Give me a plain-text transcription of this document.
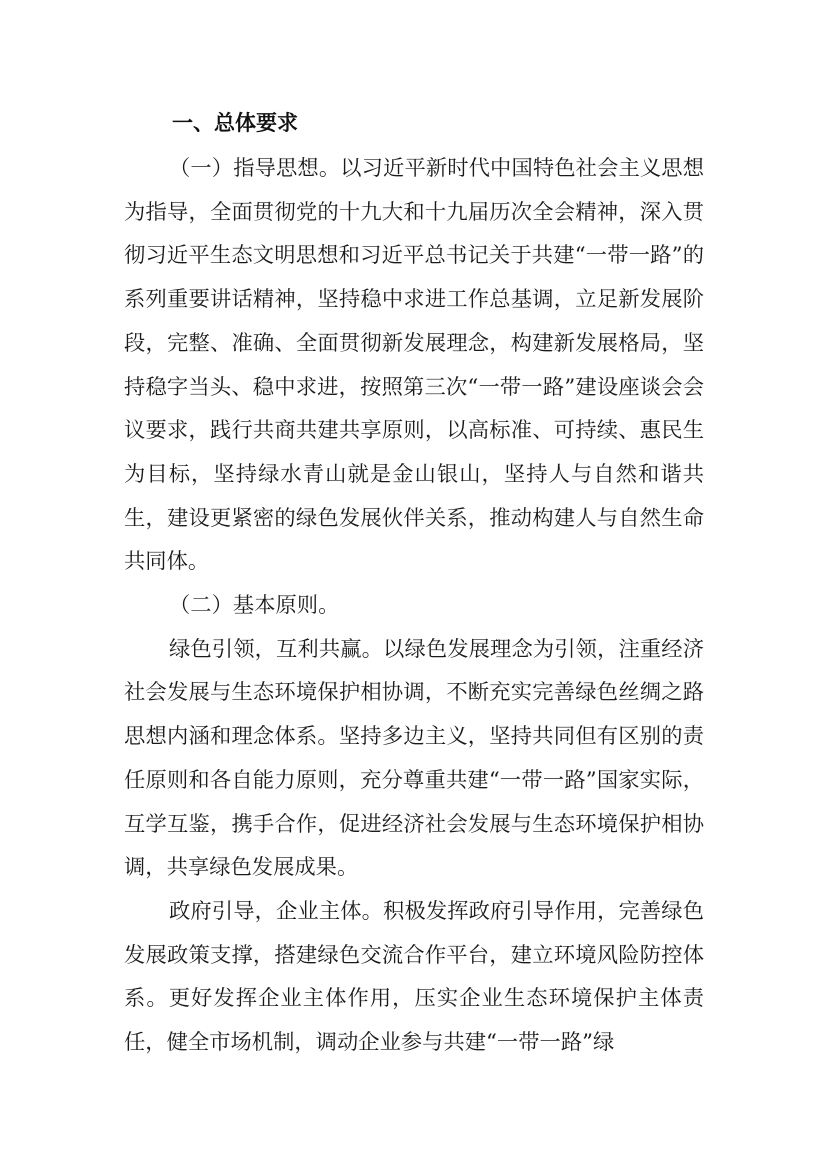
一、总体要求

（一）指导思想。以习近平新时代中国特色社会主义思想为指导，全面贯彻党的十九大和十九届历次全会精神，深入贯彻习近平生态文明思想和习近平总书记关于共建“一带一路”的系列重要讲话精神，坚持稳中求进工作总基调，立足新发展阶段，完整、准确、全面贯彻新发展理念，构建新发展格局，坚持稳字当头、稳中求进，按照第三次“一带一路”建设座谈会会议要求，践行共商共建共享原则，以高标准、可持续、惠民生为目标，坚持绿水青山就是金山银山，坚持人与自然和谐共生，建设更紧密的绿色发展伙伴关系，推动构建人与自然生命共同体。

（二）基本原则。

绿色引领，互利共赢。以绿色发展理念为引领，注重经济社会发展与生态环境保护相协调，不断充实完善绿色丝绸之路思想内涵和理念体系。坚持多边主义，坚持共同但有区别的责任原则和各自能力原则，充分尊重共建“一带一路”国家实际，互学互鉴，携手合作，促进经济社会发展与生态环境保护相协调，共享绿色发展成果。

政府引导，企业主体。积极发挥政府引导作用，完善绿色发展政策支撑，搭建绿色交流合作平台，建立环境风险防控体系。更好发挥企业主体作用，压实企业生态环境保护主体责任，健全市场机制，调动企业参与共建“一带一路”绿
